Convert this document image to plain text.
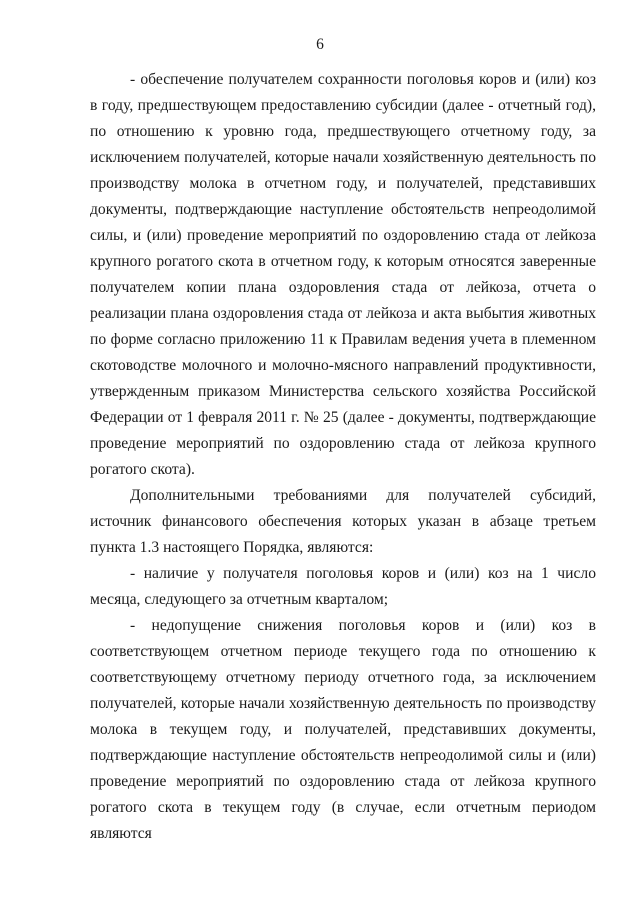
6

- обеспечение получателем сохранности поголовья коров и (или) коз в году, предшествующем предоставлению субсидии (далее - отчетный год), по отношению к уровню года, предшествующего отчетному году, за исключением получателей, которые начали хозяйственную деятельность по производству молока в отчетном году, и получателей, представивших документы, подтверждающие наступление обстоятельств непреодолимой силы, и (или) проведение мероприятий по оздоровлению стада от лейкоза крупного рогатого скота в отчетном году, к которым относятся заверенные получателем копии плана оздоровления стада от лейкоза, отчета о реализации плана оздоровления стада от лейкоза и акта выбытия животных по форме согласно приложению 11 к Правилам ведения учета в племенном скотоводстве молочного и молочно-мясного направлений продуктивности, утвержденным приказом Министерства сельского хозяйства Российской Федерации от 1 февраля 2011 г. № 25 (далее - документы, подтверждающие проведение мероприятий по оздоровлению стада от лейкоза крупного рогатого скота).

Дополнительными требованиями для получателей субсидий, источник финансового обеспечения которых указан в абзаце третьем пункта 1.3 настоящего Порядка, являются:

- наличие у получателя поголовья коров и (или) коз на 1 число месяца, следующего за отчетным кварталом;

- недопущение снижения поголовья коров и (или) коз в соответствующем отчетном периоде текущего года по отношению к соответствующему отчетному периоду отчетного года, за исключением получателей, которые начали хозяйственную деятельность по производству молока в текущем году, и получателей, представивших документы, подтверждающие наступление обстоятельств непреодолимой силы и (или) проведение мероприятий по оздоровлению стада от лейкоза крупного рогатого скота в текущем году (в случае, если отчетным периодом являются
